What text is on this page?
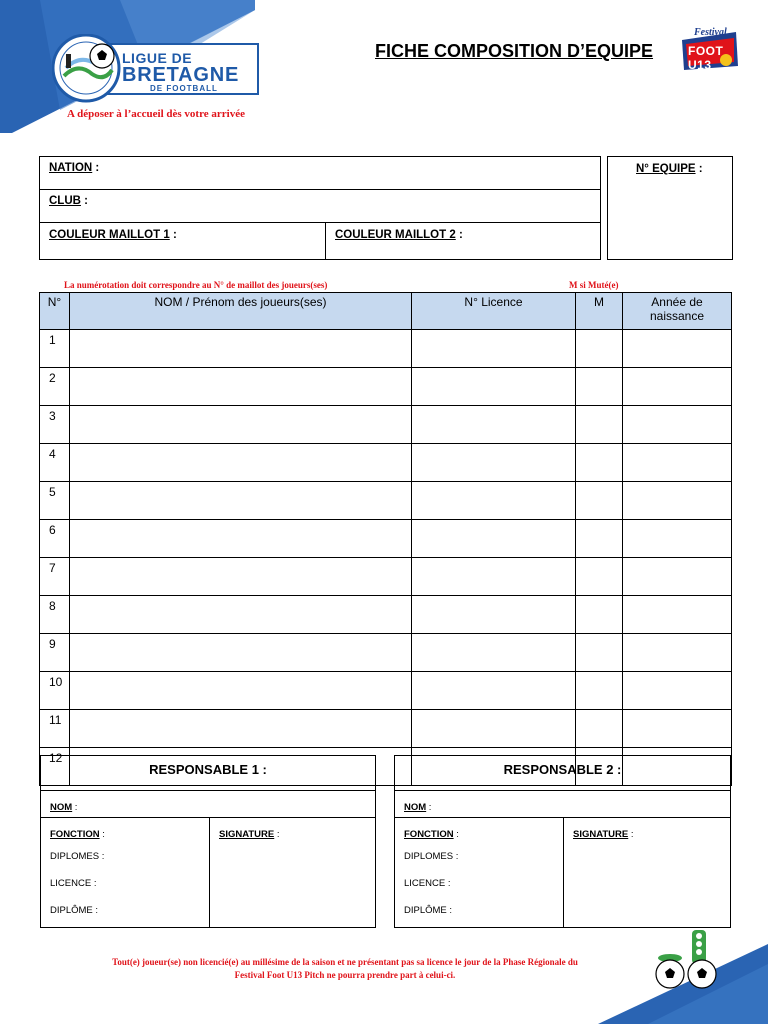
LIGUE DE
BRETAGNE
DE FOOTBALL
A déposer à l’accueil dès votre arrivée
FICHE COMPOSITION D’EQUIPE
Festival
FOOT U13
NATION :
CLUB :
COULEUR MAILLOT 1 :	COULEUR MAILLOT 2 :
N° EQUIPE :
La numérotation doit correspondre au N° de maillot des joueurs(ses)	M si Muté(e)
N°	NOM / Prénom des joueurs(ses)	N° Licence	M	Année de naissance
1				
2				
3				
4				
5				
6				
7				
8				
9				
10				
11				
12				
RESPONSABLE 1 :
NOM :
FONCTION :
DIPLOMES :
LICENCE :
DIPLÔME :
SIGNATURE :
RESPONSABLE 2 :
NOM :
FONCTION :
DIPLOMES :
LICENCE :
DIPLÔME :
SIGNATURE :
Tout(e) joueur(se) non licencié(e) au millésime de la saison et ne présentant pas sa licence le jour de la Phase Régionale du
Festival Foot U13 Pitch ne pourra prendre part à celui-ci.
